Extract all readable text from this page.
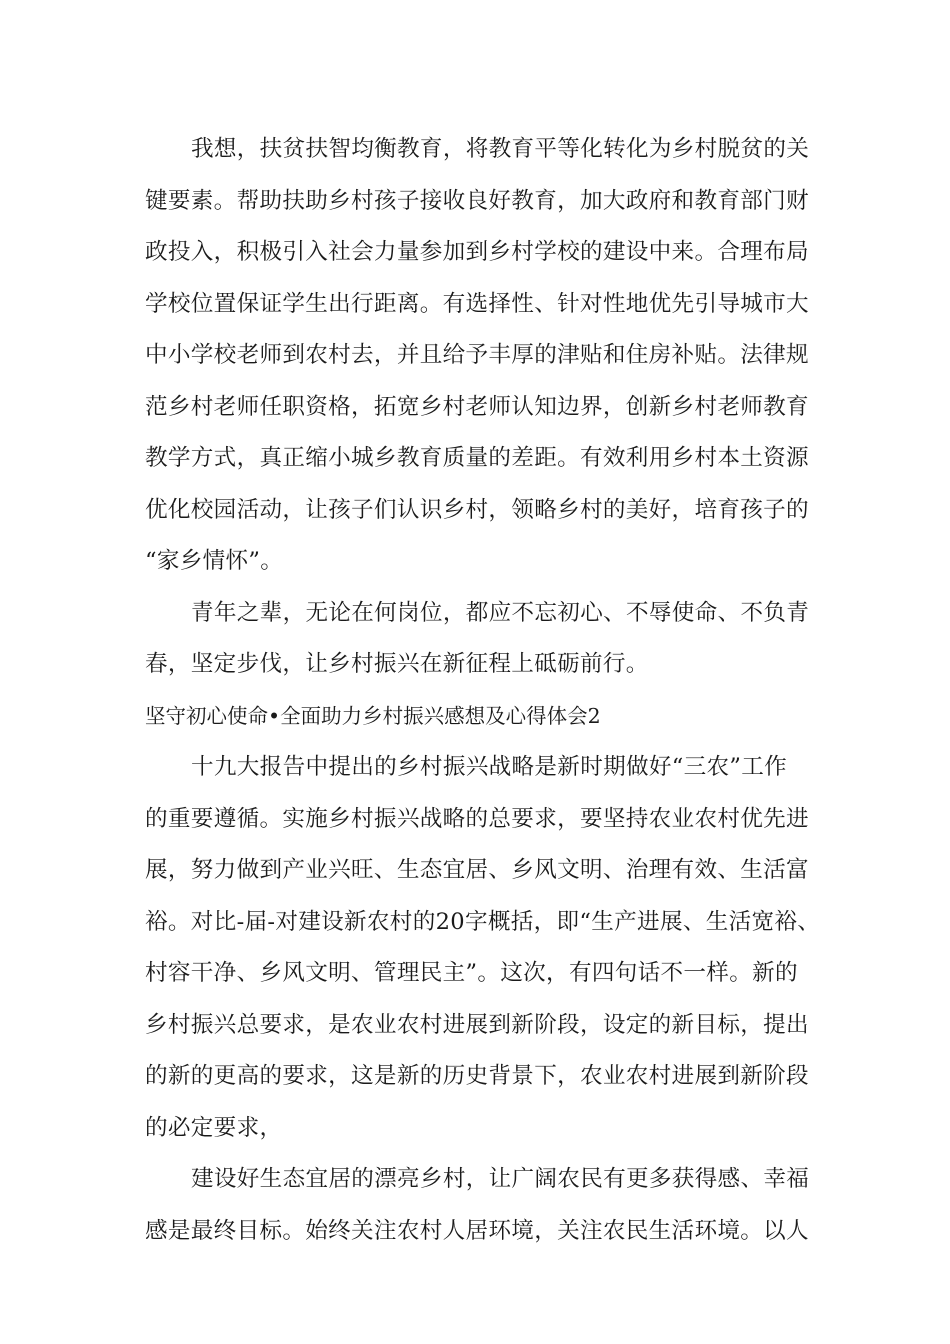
我想，扶贫扶智均衡教育，将教育平等化转化为乡村脱贫的关
键要素。帮助扶助乡村孩子接收良好教育，加大政府和教育部门财
政投入，积极引入社会力量参加到乡村学校的建设中来。合理布局
学校位置保证学生出行距离。有选择性、针对性地优先引导城市大
中小学校老师到农村去，并且给予丰厚的津贴和住房补贴。法律规
范乡村老师任职资格，拓宽乡村老师认知边界，创新乡村老师教育
教学方式，真正缩小城乡教育质量的差距。有效利用乡村本土资源
优化校园活动，让孩子们认识乡村，领略乡村的美好，培育孩子的
“家乡情怀”。
青年之辈，无论在何岗位，都应不忘初心、不辱使命、不负青
春，坚定步伐，让乡村振兴在新征程上砥砺前行。
坚守初心使命•全面助力乡村振兴感想及心得体会2
十九大报告中提出的乡村振兴战略是新时期做好“三农”工作
的重要遵循。实施乡村振兴战略的总要求，要坚持农业农村优先进
展，努力做到产业兴旺、生态宜居、乡风文明、治理有效、生活富
裕。对比-届-对建设新农村的20字概括，即“生产进展、生活宽裕、
村容干净、乡风文明、管理民主”。这次，有四句话不一样。新的
乡村振兴总要求，是农业农村进展到新阶段，设定的新目标，提出
的新的更高的要求，这是新的历史背景下，农业农村进展到新阶段
的必定要求，
建设好生态宜居的漂亮乡村，让广阔农民有更多获得感、幸福
感是最终目标。始终关注农村人居环境，关注农民生活环境。以人
